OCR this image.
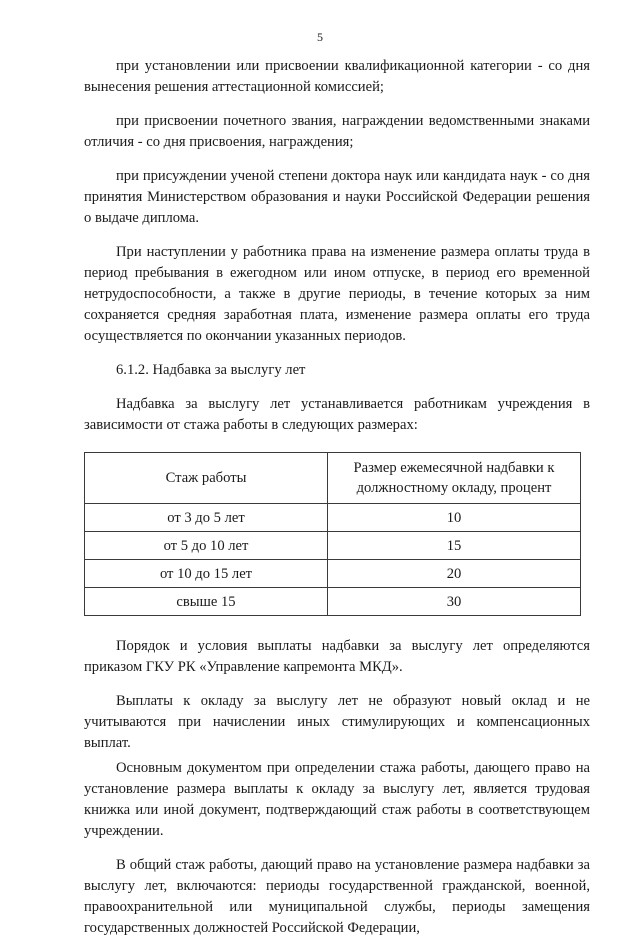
5

при установлении или присвоении квалификационной категории - со дня вынесения решения аттестационной комиссией;

при присвоении почетного звания, награждении ведомственными знаками отличия - со дня присвоения, награждения;

при присуждении ученой степени доктора наук или кандидата наук - со дня принятия Министерством образования и науки Российской Федерации решения о выдаче диплома.

При наступлении у работника права на изменение размера оплаты труда в период пребывания в ежегодном или ином отпуске, в период его временной нетрудоспособности, а также в другие периоды, в течение которых за ним сохраняется средняя заработная плата, изменение размера оплаты его труда осуществляется по окончании указанных периодов.

6.1.2. Надбавка за выслугу лет

Надбавка за выслугу лет устанавливается работникам учреждения в зависимости от стажа работы в следующих размерах:

Стаж работы	Размер ежемесячной надбавки к должностному окладу, процент
от 3 до 5 лет	10
от 5 до 10 лет	15
от 10 до 15 лет	20
свыше 15	30

Порядок и условия выплаты надбавки за выслугу лет определяются приказом ГКУ РК «Управление капремонта МКД».

Выплаты к окладу за выслугу лет не образуют новый оклад и не учитываются при начислении иных стимулирующих и компенсационных выплат.

Основным документом при определении стажа работы, дающего право на установление размера выплаты к окладу за выслугу лет, является трудовая книжка или иной документ, подтверждающий стаж работы в соответствующем учреждении.

В общий стаж работы, дающий право на установление размера надбавки за выслугу лет, включаются: периоды государственной гражданской, военной, правоохранительной или муниципальной службы, периоды замещения государственных должностей Российской Федерации,
